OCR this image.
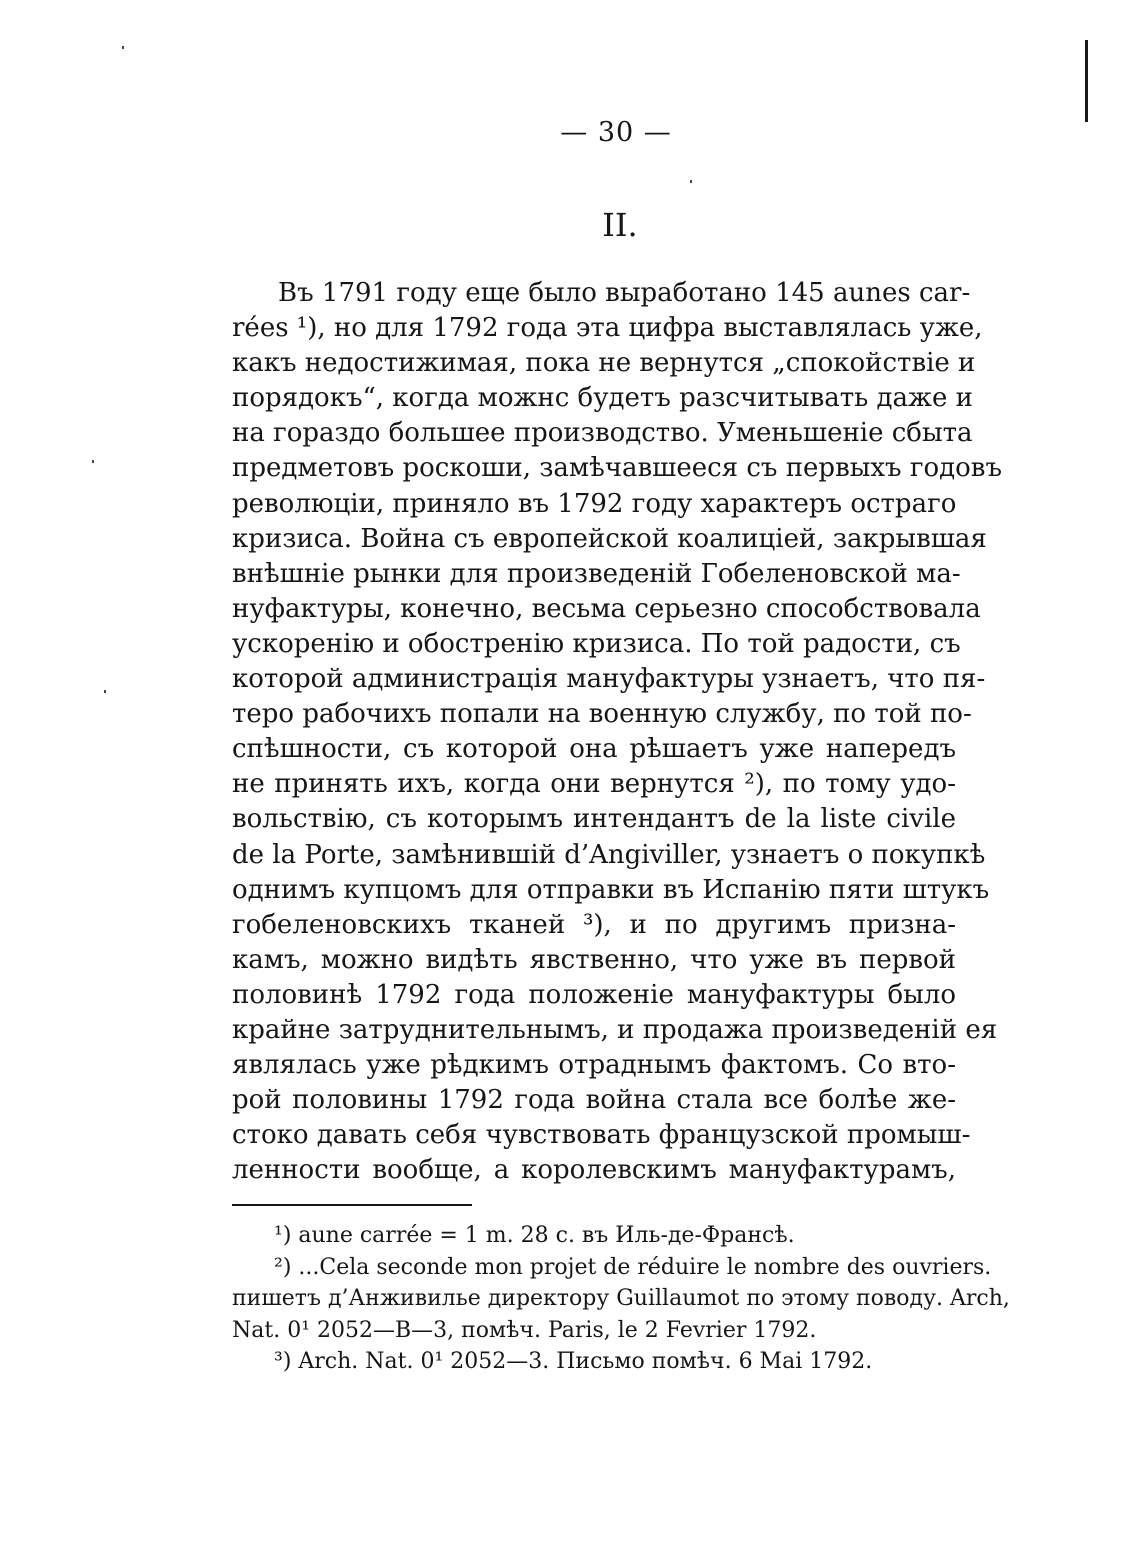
— 30 —
II.
Въ 1791 году еще было выработано 145 aunes car-
rées ¹), но для 1792 года эта цифра выставлялась уже,
какъ недостижимая, пока не вернутся „спокойствіе и
порядокъ“, когда можнс будетъ разсчитывать даже и
на гораздо большее производство. Уменьшеніе сбыта
предметовъ роскоши, замѣчавшееся съ первыхъ годовъ
революціи, приняло въ 1792 году характеръ остраго
кризиса. Война съ европейской коалиціей, закрывшая
внѣшніе рынки для произведеній Гобеленовской ма-
нуфактуры, конечно, весьма серьезно способствовала
ускоренію и обостренію кризиса. По той радости, съ
которой администрація мануфактуры узнаетъ, что пя-
теро рабочихъ попали на военную службу, по той по-
спѣшности, съ которой она рѣшаетъ уже напередъ
не принять ихъ, когда они вернутся ²), по тому удо-
вольствію, съ которымъ интендантъ de la liste civile
de la Porte, замѣнившій d’Angiviller, узнаетъ о покупкѣ
однимъ купцомъ для отправки въ Испанію пяти штукъ
гобеленовскихъ тканей ³), и по другимъ призна-
камъ, можно видѣть явственно, что уже въ первой
половинѣ 1792 года положеніе мануфактуры было
крайне затруднительнымъ, и продажа произведеній ея
являлась уже рѣдкимъ отраднымъ фактомъ. Со вто-
рой половины 1792 года война стала все болѣе же-
стоко давать себя чувствовать французской промыш-
ленности вообще, а королевскимъ мануфактурамъ,
¹) aune carrée = 1 m. 28 c. въ Иль-де-Франсѣ.
²) ...Cela seconde mon projet de réduire le nombre des ouvriers.
пишетъ д’Анживилье директору Guillaumot по этому поводу. Arch,
Nat. 0¹ 2052—B—3, помѣч. Paris, le 2 Fevrier 1792.
³) Arch. Nat. 0¹ 2052—3. Письмо помѣч. 6 Mai 1792.
